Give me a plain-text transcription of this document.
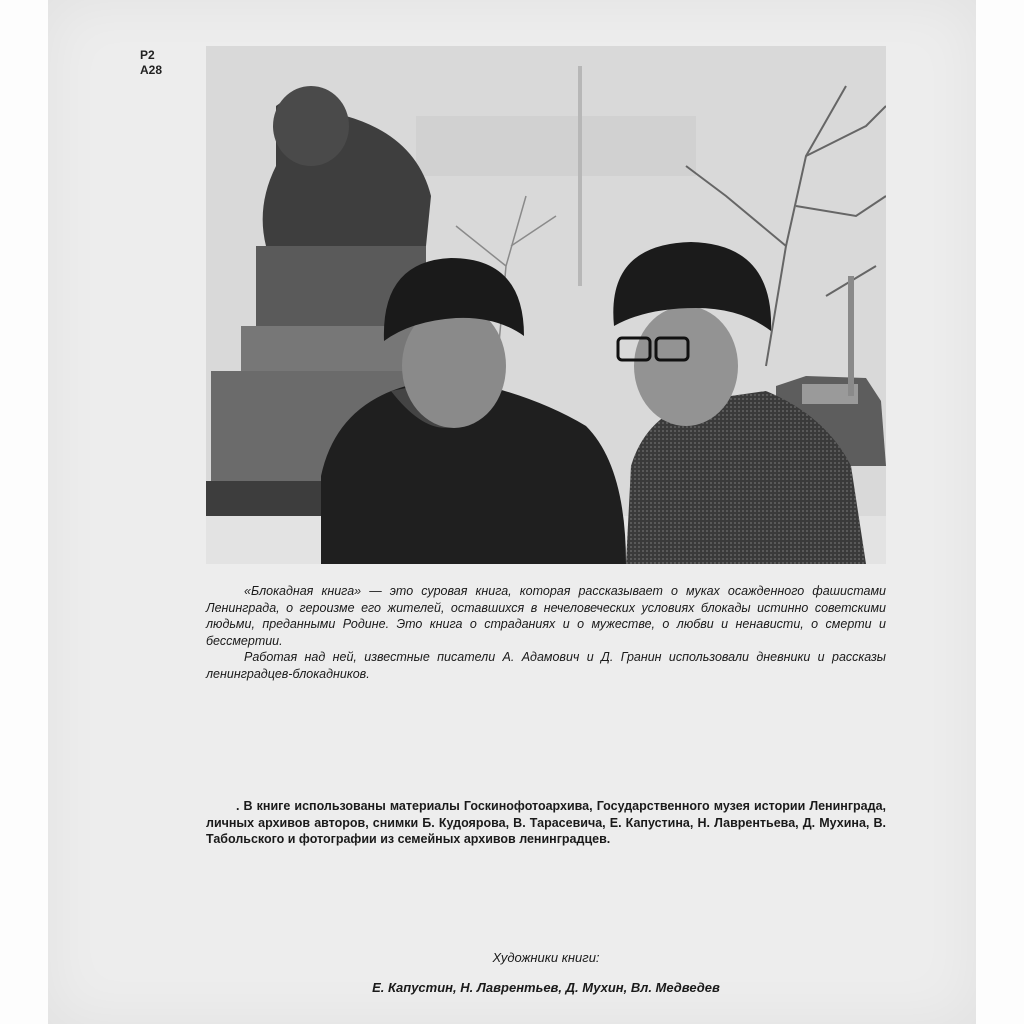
Р2
А28

«Блокадная книга» — это суровая книга, которая рассказывает о муках осажденного фашистами Ленинграда, о героизме его жителей, оставшихся в нечеловеческих условиях блокады истинно советскими людьми, преданными Родине. Это книга о страданиях и о мужестве, о любви и ненависти, о смерти и бессмертии.

Работая над ней, известные писатели А. Адамович и Д. Гранин использовали дневники и рассказы ленинградцев-блокадников.

. В книге использованы материалы Госкинофотоархива, Государственного музея истории Ленинграда, личных архивов авторов, снимки Б. Кудоярова, В. Тарасевича, Е. Капустина, Н. Лаврентьева, Д. Мухина, В. Табольского и фотографии из семейных архивов ленинградцев.

Художники книги:
Е. Капустин, Н. Лаврентьев, Д. Мухин, Вл. Медведев
